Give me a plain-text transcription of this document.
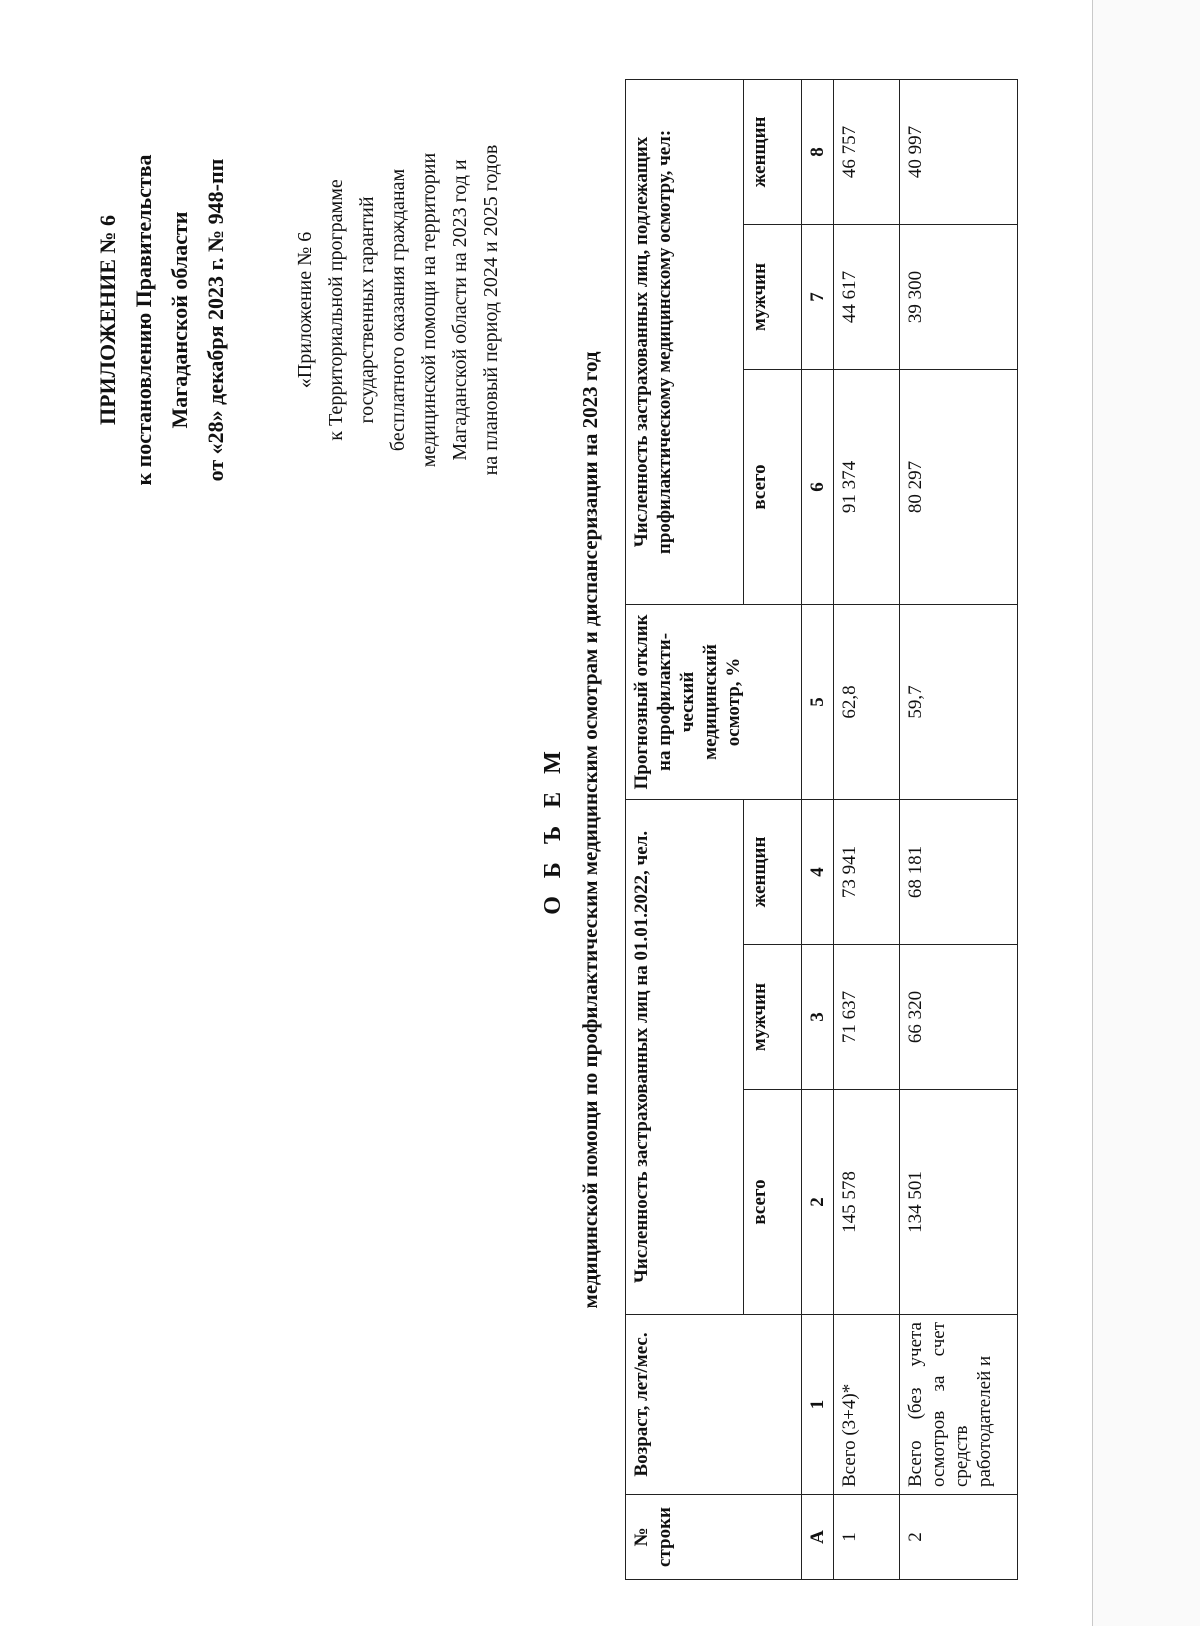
ПРИЛОЖЕНИЕ № 6 к постановлению Правительства Магаданской области от «28» декабря 2023 г. № 948-пп	«Приложение № 6 к Территориальной программе государственных гарантий бесплатного оказания гражданам медицинской помощи на территории Магаданской области на 2023 год и на плановый период 2024 и 2025 годов
О Б Ъ Е М медицинской помощи по профилактическим медицинским осмотрам и диспансеризации на 2023 год
№ строки	Возраст, лет/мес.	Численность застрахованных лиц на 01.01.2022, чел.			Прогнозный отклик на профилакти-ческий медицинский осмотр, %	Численность застрахованных лиц, подлежащих профилактическому медицинскому осмотру, чел:		
		всего	мужчин	женщин		всего	мужчин	женщин
А	1	2	3	4	5	6	7	8
1	Всего (3+4)*	145 578	71 637	73 941	62,8	91 374	44 617	46 757
2	Всего (без учета осмотров за счет средств работодателей и	134 501	66 320	68 181	59,7	80 297	39 300	40 997
